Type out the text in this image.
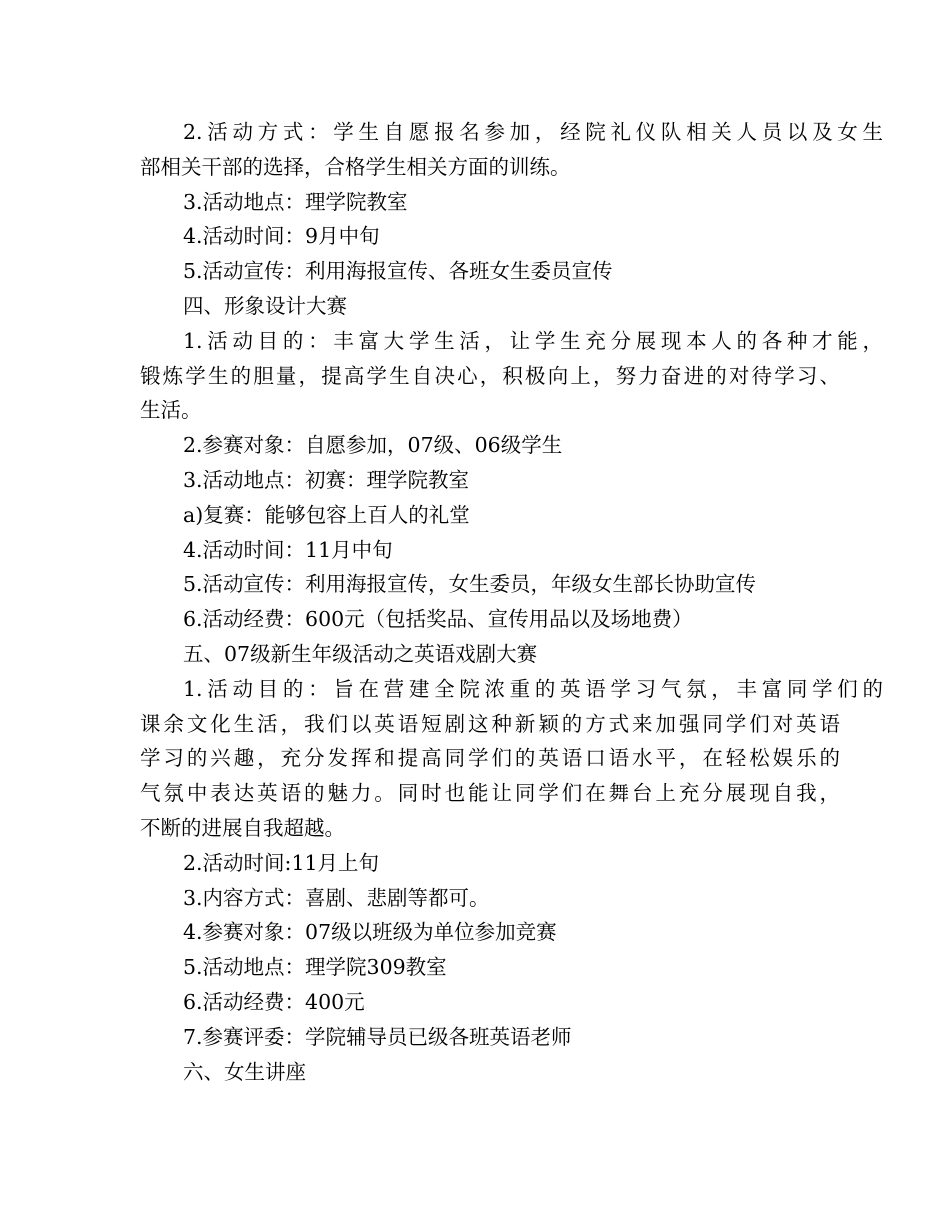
2.活动方式：学生自愿报名参加，经院礼仪队相关人员以及女生
部相关干部的选择，合格学生相关方面的训练。
3.活动地点：理学院教室
4.活动时间：9月中旬
5.活动宣传：利用海报宣传、各班女生委员宣传
四、形象设计大赛
1.活动目的：丰富大学生活，让学生充分展现本人的各种才能，
锻炼学生的胆量，提高学生自决心，积极向上，努力奋进的对待学习、
生活。
2.参赛对象：自愿参加，07级、06级学生
3.活动地点：初赛：理学院教室
a)复赛：能够包容上百人的礼堂
4.活动时间：11月中旬
5.活动宣传：利用海报宣传，女生委员，年级女生部长协助宣传
6.活动经费：600元（包括奖品、宣传用品以及场地费）
五、07级新生年级活动之英语戏剧大赛
1.活动目的：旨在营建全院浓重的英语学习气氛，丰富同学们的
课余文化生活，我们以英语短剧这种新颖的方式来加强同学们对英语
学习的兴趣，充分发挥和提高同学们的英语口语水平，在轻松娱乐的
气氛中表达英语的魅力。同时也能让同学们在舞台上充分展现自我，
不断的进展自我超越。
2.活动时间:11月上旬
3.内容方式：喜剧、悲剧等都可。
4.参赛对象：07级以班级为单位参加竞赛
5.活动地点：理学院309教室
6.活动经费：400元
7.参赛评委：学院辅导员已级各班英语老师
六、女生讲座
